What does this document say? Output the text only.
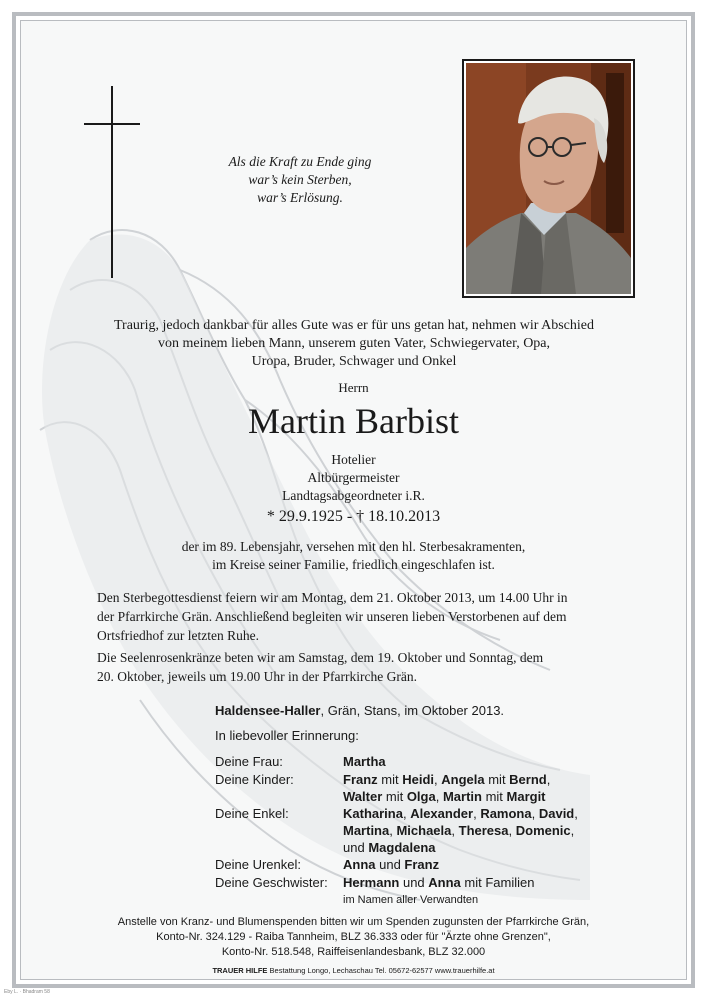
Als die Kraft zu Ende ging
war’s kein Sterben,
war’s Erlösung.
Traurig, jedoch dankbar für alles Gute was er für uns getan hat, nehmen wir Abschied
von meinem lieben Mann, unserem guten Vater, Schwiegervater, Opa,
Uropa, Bruder, Schwager und Onkel
Herrn
Martin Barbist
Hotelier
Altbürgermeister
Landtagsabgeordneter i.R.
* 29.9.1925 - † 18.10.2013
der im 89. Lebensjahr, versehen mit den hl. Sterbesakramenten,
im Kreise seiner Familie, friedlich eingeschlafen ist.
Den Sterbegottesdienst feiern wir am Montag, dem 21. Oktober 2013, um 14.00 Uhr in
der Pfarrkirche Grän. Anschließend begleiten wir unseren lieben Verstorbenen auf dem
Ortsfriedhof zur letzten Ruhe.
Die Seelenrosenkränze beten wir am Samstag, dem 19. Oktober und Sonntag, dem
20. Oktober, jeweils um 19.00 Uhr in der Pfarrkirche Grän.
Haldensee-Haller, Grän, Stans, im Oktober 2013.
In liebevoller Erinnerung:
Deine Frau:	Martha
Deine Kinder:	Franz mit Heidi, Angela mit Bernd,
Walter mit Olga, Martin mit Margit
Deine Enkel:	Katharina, Alexander, Ramona, David,
Martina, Michaela, Theresa, Domenic,
und Magdalena
Deine Urenkel:	Anna und Franz
Deine Geschwister: Hermann und Anna mit Familien
im Namen aller Verwandten
Anstelle von Kranz- und Blumenspenden bitten wir um Spenden zugunsten der Pfarrkirche Grän,
Konto-Nr. 324.129 - Raiba Tannheim, BLZ 36.333 oder für "Ärzte ohne Grenzen",
Konto-Nr. 518.548, Raiffeisenlandesbank, BLZ 32.000
TRAUER HILFE Bestattung Longo, Lechaschau Tel. 05672-62577 www.trauerhilfe.at
Eby L. · Bhadram 58
